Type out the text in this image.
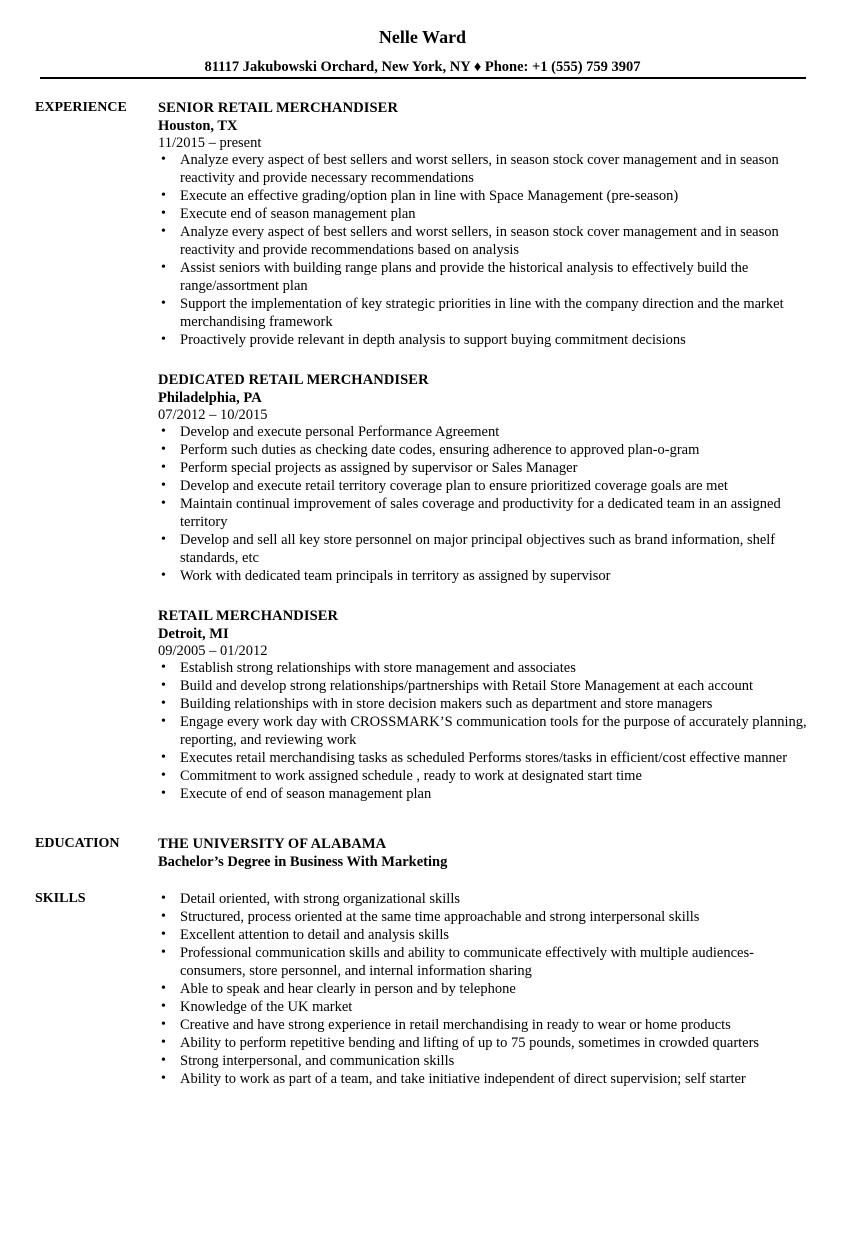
Nelle Ward
81117 Jakubowski Orchard, New York, NY ♦ Phone: +1 (555) 759 3907
EXPERIENCE SENIOR RETAIL MERCHANDISER
Houston, TX
11/2015 – present
• Analyze every aspect of best sellers and worst sellers, in season stock cover management and in season reactivity and provide necessary recommendations
• Execute an effective grading/option plan in line with Space Management (pre-season)
• Execute end of season management plan
• Analyze every aspect of best sellers and worst sellers, in season stock cover management and in season reactivity and provide recommendations based on analysis
• Assist seniors with building range plans and provide the historical analysis to effectively build the range/assortment plan
• Support the implementation of key strategic priorities in line with the company direction and the market merchandising framework
• Proactively provide relevant in depth analysis to support buying commitment decisions
DEDICATED RETAIL MERCHANDISER
Philadelphia, PA
07/2012 – 10/2015
• Develop and execute personal Performance Agreement
• Perform such duties as checking date codes, ensuring adherence to approved plan-o-gram
• Perform special projects as assigned by supervisor or Sales Manager
• Develop and execute retail territory coverage plan to ensure prioritized coverage goals are met
• Maintain continual improvement of sales coverage and productivity for a dedicated team in an assigned territory
• Develop and sell all key store personnel on major principal objectives such as brand information, shelf standards, etc
• Work with dedicated team principals in territory as assigned by supervisor
RETAIL MERCHANDISER
Detroit, MI
09/2005 – 01/2012
• Establish strong relationships with store management and associates
• Build and develop strong relationships/partnerships with Retail Store Management at each account
• Building relationships with in store decision makers such as department and store managers
• Engage every work day with CROSSMARK’S communication tools for the purpose of accurately planning, reporting, and reviewing work
• Executes retail merchandising tasks as scheduled Performs stores/tasks in efficient/cost effective manner
• Commitment to work assigned schedule , ready to work at designated start time
• Execute of end of season management plan
EDUCATION	THE UNIVERSITY OF ALABAMA
Bachelor’s Degree in Business With Marketing
SKILLS	• Detail oriented, with strong organizational skills
• Structured, process oriented at the same time approachable and strong interpersonal skills
• Excellent attention to detail and analysis skills
• Professional communication skills and ability to communicate effectively with multiple audiences- consumers, store personnel, and internal information sharing
• Able to speak and hear clearly in person and by telephone
• Knowledge of the UK market
• Creative and have strong experience in retail merchandising in ready to wear or home products
• Ability to perform repetitive bending and lifting of up to 75 pounds, sometimes in crowded quarters
• Strong interpersonal, and communication skills
• Ability to work as part of a team, and take initiative independent of direct supervision; self starter
